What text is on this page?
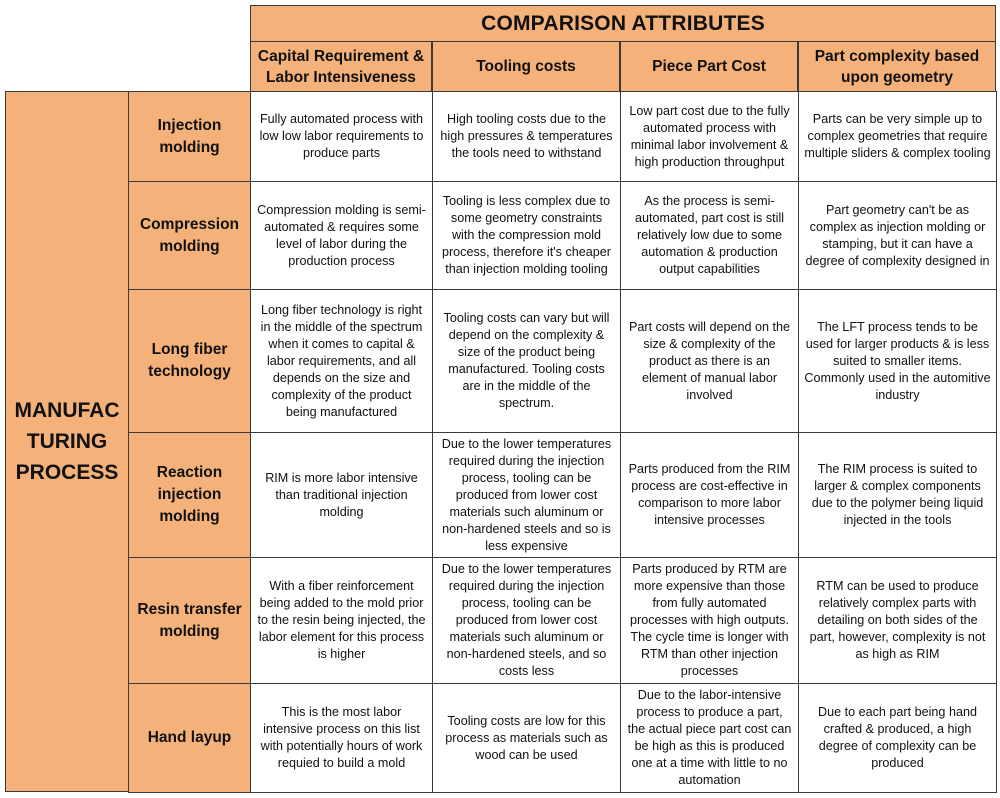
COMPARISON ATTRIBUTES
Capital Requirement & Labor Intensiveness
Tooling costs	Piece Part Cost
Part complexity based upon geometry
MANUFAC
TURING
PROCESS
Injection molding
Fully automated process with low low labor requirements to produce parts
High tooling costs due to the high pressures & temperatures the tools need to withstand
Low part cost due to the fully automated process with minimal labor involvement & high production throughput
Parts can be very simple up to complex geometries that require multiple sliders & complex tooling
Compression molding
Compression molding is semi-automated & requires some level of labor during the production process
Tooling is less complex due to some geometry constraints with the compression mold process, therefore it's cheaper than injection molding tooling
As the process is semi-automated, part cost is still relatively low due to some automation & production output capabilities
Part geometry can't be as complex as injection molding or stamping, but it can have a degree of complexity designed in
Long fiber technology
Long fiber technology is right in the middle of the spectrum when it comes to capital & labor requirements, and all depends on the size and complexity of the product being manufactured
Tooling costs can vary but will depend on the complexity & size of the product being manufactured. Tooling costs are in the middle of the spectrum.
Part costs will depend on the size & complexity of the product as there is an element of manual labor involved
The LFT process tends to be used for larger products & is less suited to smaller items. Commonly used in the automitive industry
Reaction injection molding
RIM is more labor intensive than traditional injection molding
Due to the lower temperatures required during the injection process, tooling can be produced from lower cost materials such aluminum or non-hardened steels and so is less expensive
Parts produced from the RIM process are cost-effective in comparison to more labor intensive processes
The RIM process is suited to larger & complex components due to the polymer being liquid injected in the tools
Resin transfer molding
With a fiber reinforcement being added to the mold prior to the resin being injected, the labor element for this process is higher
Due to the lower temperatures required during the injection process, tooling can be produced from lower cost materials such aluminum or non-hardened steels, and so costs less
Parts produced by RTM are more expensive than those from fully automated processes with high outputs. The cycle time is longer with RTM than other injection processes
RTM can be used to produce relatively complex parts with detailing on both sides of the part, however, complexity is not as high as RIM
Hand layup
This is the most labor intensive process on this list with potentially hours of work requied to build a mold
Tooling costs are low for this process as materials such as wood can be used
Due to the labor-intensive process to produce a part, the actual piece part cost can be high as this is produced one at a time with little to no automation
Due to each part being hand crafted & produced, a high degree of complexity can be produced
